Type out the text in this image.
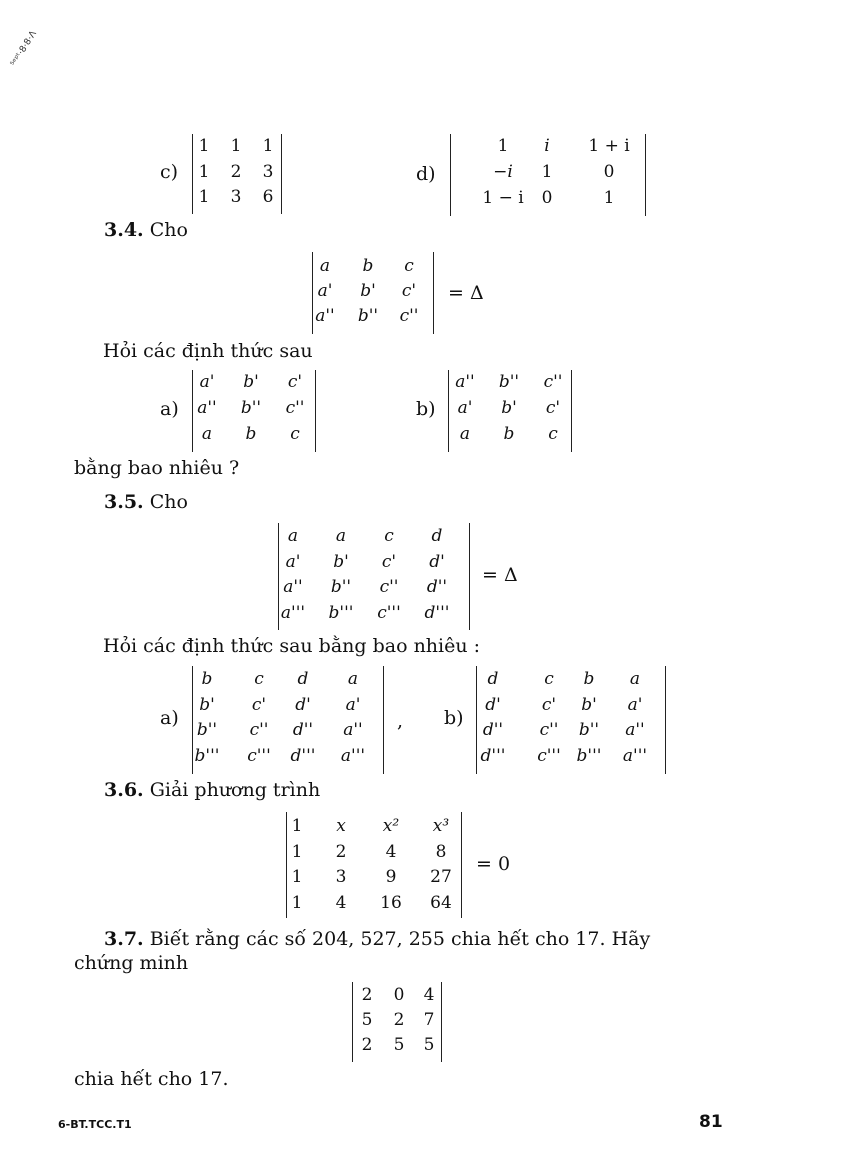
⁵ᵉᵖᵗ·8·8·Ʌ
c)
1	1	1
1	2	3
1	3	6
d)
1	i	1 + i
−i	1	0
1 − i	0	1
3.4. Cho
a	b	c
a'	b'	c'
a''	b''	c''
= Δ
Hỏi các định thức sau
a)
a'	b'	c'
a''	b''	c''
a	b	c
b)
a''	b''	c''
a'	b'	c'
a	b	c
bằng bao nhiêu ?
3.5. Cho
a	a	c	d
a'	b'	c'	d'
a''	b''	c''	d''
a'''	b'''	c'''	d'''
= Δ
Hỏi các định thức sau bằng bao nhiêu :
a)
b	c	d	a
b'	c'	d'	a'
b''	c''	d''	a''
b'''	c'''	d'''	a'''
, b)
d	c	b	a
d'	c'	b'	a'
d''	c''	b''	a''
d'''	c''' b'''	a'''
3.6. Giải phương trình
1	x	x²	x³
1	2	4	8
1	3	9	27
1	4	16	64
= 0
3.7. Biết rằng các số 204, 527, 255 chia hết cho 17. Hãy
chứng minh
2	0	4
5	2	7
2	5	5
chia hết cho 17.
6-BT.TCC.T1	81
